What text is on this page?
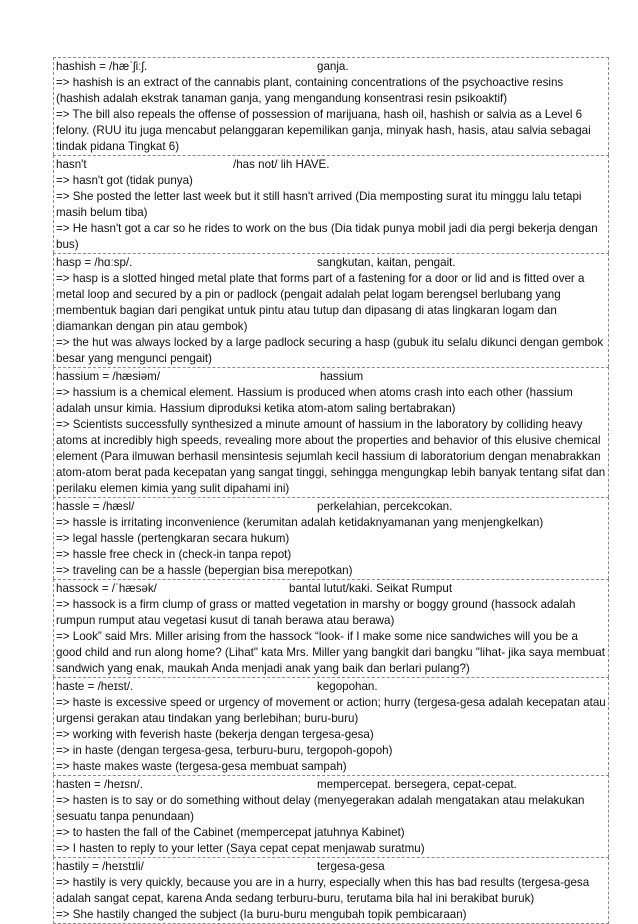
hashish = /hæˈʃiːʃ.	ganja.
=> hashish is an extract of the cannabis plant, containing concentrations of the psychoactive resins (hashish adalah ekstrak tanaman ganja, yang mengandung konsentrasi resin psikoaktif)
=> The bill also repeals the offense of possession of marijuana, hash oil, hashish or salvia as a Level 6 felony. (RUU itu juga mencabut pelanggaran kepemilikan ganja, minyak hash, hasis, atau salvia sebagai tindak pidana Tingkat 6)
hasn't	/has not/ lih HAVE.
=> hasn't got (tidak punya)
=> She posted the letter last week but it still hasn't arrived (Dia memposting surat itu minggu lalu tetapi masih belum tiba)
=> He hasn't got a car so he rides to work on the bus (Dia tidak punya mobil jadi dia pergi bekerja dengan bus)
hasp = /hɑːsp/.	sangkutan, kaitan, pengait.
=> hasp is a slotted hinged metal plate that forms part of a fastening for a door or lid and is fitted over a metal loop and secured by a pin or padlock (pengait adalah pelat logam berengsel berlubang yang membentuk bagian dari pengikat untuk pintu atau tutup dan dipasang di atas lingkaran logam dan diamankan dengan pin atau gembok)
=> the hut was always locked by a large padlock securing a hasp (gubuk itu selalu dikunci dengan gembok besar yang mengunci pengait)
hassium = /hæsiəm/	hassium
=> hassium is a chemical element. Hassium is produced when atoms crash into each other (hassium adalah unsur kimia. Hassium diproduksi ketika atom-atom saling bertabrakan)
=> Scientists successfully synthesized a minute amount of hassium in the laboratory by colliding heavy atoms at incredibly high speeds, revealing more about the properties and behavior of this elusive chemical element (Para ilmuwan berhasil mensintesis sejumlah kecil hassium di laboratorium dengan menabrakkan atom-atom berat pada kecepatan yang sangat tinggi, sehingga mengungkap lebih banyak tentang sifat dan perilaku elemen kimia yang sulit dipahami ini)
hassle = /hæsl/	perkelahian, percekcokan.
=> hassle is irritating inconvenience (kerumitan adalah ketidaknyamanan yang menjengkelkan)
=> legal hassle (pertengkaran secara hukum)
=> hassle free check in (check-in tanpa repot)
=> traveling can be a hassle (bepergian bisa merepotkan)
hassock = /ˈhæsək/	bantal lutut/kaki. Seikat Rumput
=> hassock is a firm clump of grass or matted vegetation in marshy or boggy ground (hassock adalah rumpun rumput atau vegetasi kusut di tanah berawa atau berawa)
=> Look” said Mrs. Miller arising from the hassock “look- if I make some nice sandwiches will you be a good child and run along home? (Lihat" kata Mrs. Miller yang bangkit dari bangku "lihat- jika saya membuat sandwich yang enak, maukah Anda menjadi anak yang baik dan berlari pulang?)
haste = /heɪst/.	kegopohan.
=> haste is excessive speed or urgency of movement or action; hurry (tergesa-gesa adalah kecepatan atau urgensi gerakan atau tindakan yang berlebihan; buru-buru)
=> working with feverish haste (bekerja dengan tergesa-gesa)
=> in haste (dengan tergesa-gesa, terburu-buru, tergopoh-gopoh)
=> haste makes waste (tergesa-gesa membuat sampah)
hasten = /heɪsn/.	mempercepat. bersegera, cepat-cepat.
=> hasten is to say or do something without delay (menyegerakan adalah mengatakan atau melakukan sesuatu tanpa penundaan)
=> to hasten the fall of the Cabinet (mempercepat jatuhnya Kabinet)
=> I hasten to reply to your letter (Saya cepat cepat menjawab suratmu)
hastily = /heɪstɪli/	tergesa-gesa
=> hastily is very quickly, because you are in a hurry, especially when this has bad results (tergesa-gesa adalah sangat cepat, karena Anda sedang terburu-buru, terutama bila hal ini berakibat buruk)
=> She hastily changed the subject (Ia buru-buru mengubah topik pembicaraan)
